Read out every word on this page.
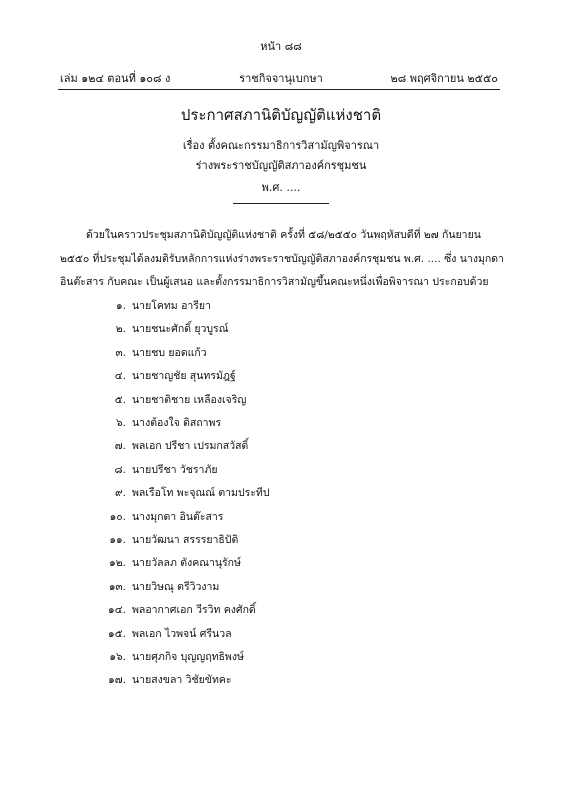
หน้า ๘๘
เล่ม ๑๒๔ ตอนที่ ๑๐๘ ง	ราชกิจจานุเบกษา	๒๘ พฤศจิกายน ๒๕๕๐
ประกาศสภานิติบัญญัติแห่งชาติ
เรื่อง ตั้งคณะกรรมาธิการวิสามัญพิจารณา
ร่างพระราชบัญญัติสภาองค์กรชุมชน
พ.ศ. ....
ด้วยในคราวประชุมสภานิติบัญญัติแห่งชาติ ครั้งที่ ๕๘/๒๕๕๐ วันพฤหัสบดีที่ ๒๗ กันยายน
๒๕๕๐ ที่ประชุมได้ลงมติรับหลักการแห่งร่างพระราชบัญญัติสภาองค์กรชุมชน พ.ศ. .... ซึ่ง นางมุกดา
อินต๊ะสาร กับคณะ เป็นผู้เสนอ และตั้งกรรมาธิการวิสามัญขึ้นคณะหนึ่งเพื่อพิจารณา ประกอบด้วย
๑. นายโคทม อารียา
๒. นายชนะศักดิ์ ยุวบูรณ์
๓. นายชบ ยอดแก้ว
๔. นายชาญชัย สุนทรมัฎฐ์
๕. นายชาติชาย เหลืองเจริญ
๖. นางต้องใจ ดิสถาพร
๗. พลเอก ปรีชา เปรมกสวัสดิ์
๘. นายปรีชา วัชราภัย
๙. พลเรือโท พะจุณณ์ ตามประทีป
๑๐. นางมุกดา อินต๊ะสาร
๑๑. นายวัฒนา สรรรยาธิปัติ
๑๒. นายวัลลภ ตังคณานุรักษ์
๑๓. นายวิษณุ ตรีวิวงาม
๑๔. พลอากาศเอก วีรวิท คงศักดิ์
๑๕. พลเอก ไวพจน์ ศรีนวล
๑๖. นายศุภกิจ บุญญฤทธิพงษ์
๑๗. นายสงขลา วิชัยขัทคะ
